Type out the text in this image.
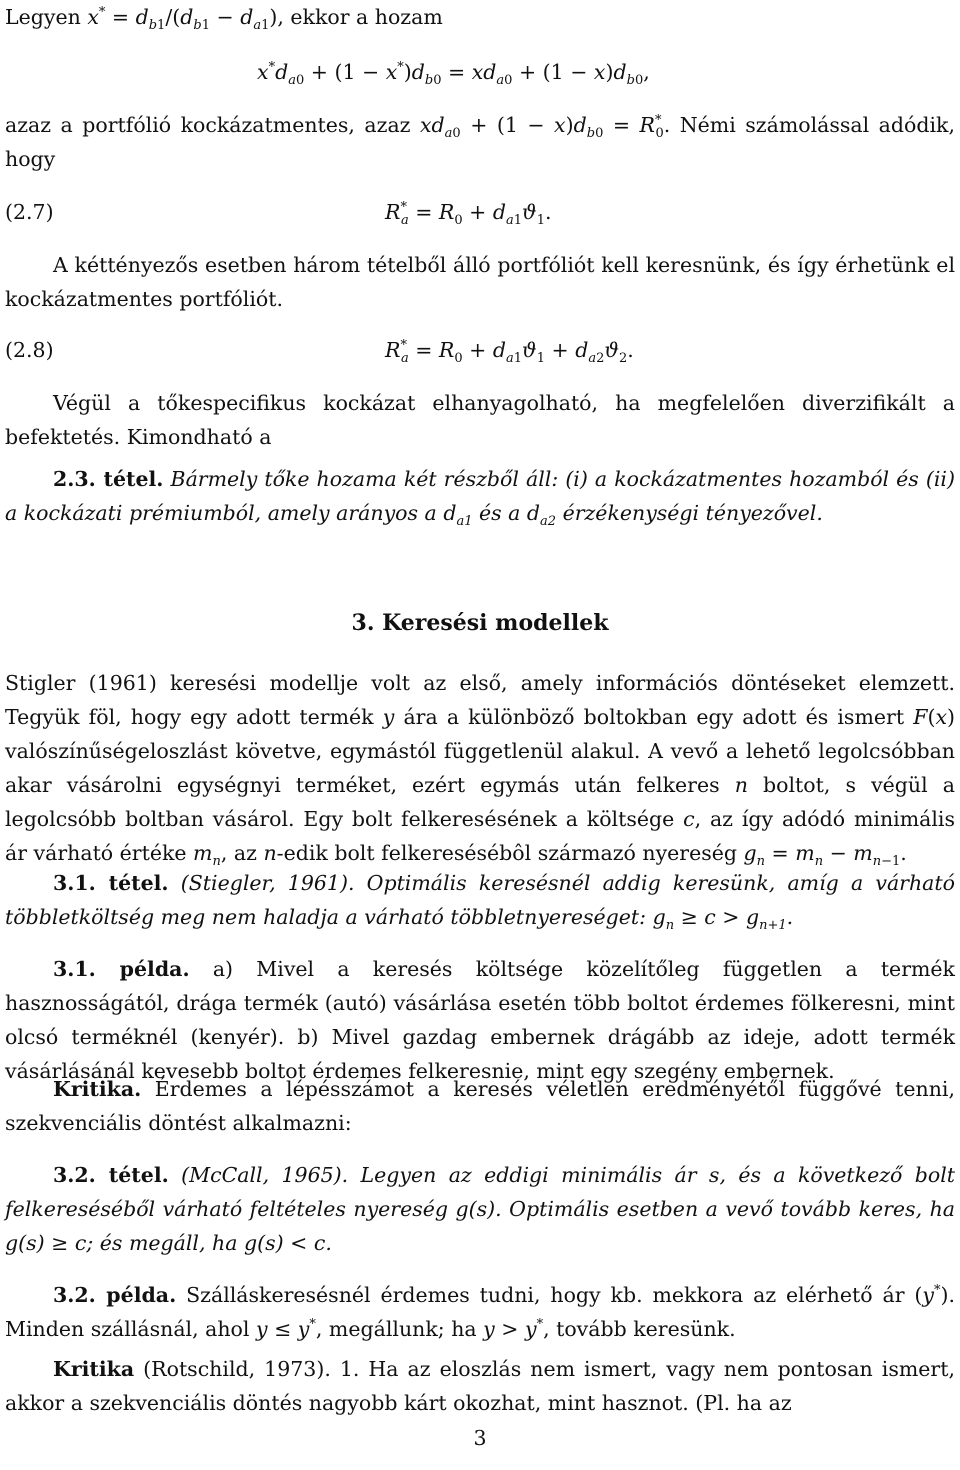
Legyen $x^* = d_{b1}/(d_{b1} - d_{a1})$, ekkor a hozam
$x^*d_{a0} + (1 - x^*)d_{b0} = xd_{a0} + (1 - x)d_{b0}$,
azaz a portfólió kockázatmentes, azaz $xd_{a0} + (1 - x)d_{b0} = R^*_0$. Némi számolással adódik, hogy
(2.7)	$R^*_a = R_0 + d_{a1}ϑ_1$.
A kéttényezős esetben három tételből álló portfóliót kell keresnünk, és így érhetünk el kockázatmentes portfóliót.
(2.8)	$R^*_a = R_0 + d_{a1}ϑ_1 + d_{a2}ϑ_2$.
Végül a tőkespecifikus kockázat elhanyagolható, ha megfelelően diverzifikált a befektetés. Kimondható a
2.3. tétel. Bármely tőke hozama két részből áll: (i) a kockázatmentes hozamból és (ii) a kockázati prémiumból, amely arányos a $d_{a1}$ és a $d_{a2}$ érzékenységi tényezővel.
3. Keresési modellek
Stigler (1961) keresési modellje volt az első, amely információs döntéseket elemzett. Tegyük föl, hogy egy adott termék y ára a különböző boltokban egy adott és ismert F(x) valószínűségeloszlást követve, egymástól függetlenül alakul. A vevő a lehető legolcsóbban akar vásárolni egységnyi terméket, ezért egymás után felkeres n boltot, s végül a legolcsóbb boltban vásárol. Egy bolt felkeresésének a költsége c, az így adódó minimális ár várható értéke $m_n$, az n-edik bolt felkeresésébôl származó nyereség $g_n = m_n - m_{n-1}$.
3.1. tétel. (Stiegler, 1961). Optimális keresésnél addig keresünk, amíg a várható többletköltség meg nem haladja a várható többletnyereséget: $g_n \ge c > g_{n+1}$.
3.1. példa. a) Mivel a keresés költsége közelítőleg független a termék hasznosságától, drága termék (autó) vásárlása esetén több boltot érdemes fölkeresni, mint olcsó terméknél (kenyér). b) Mivel gazdag embernek drágább az ideje, adott termék vásárlásánál kevesebb boltot érdemes felkeresnie, mint egy szegény embernek.
Kritika. Érdemes a lépésszámot a keresés véletlen eredményétől függővé tenni, szekvenciális döntést alkalmazni:
3.2. tétel. (McCall, 1965). Legyen az eddigi minimális ár s, és a következő bolt felkereséséből várható feltételes nyereség g(s). Optimális esetben a vevő tovább keres, ha g(s) ≥ c; és megáll, ha g(s) < c.
3.2. példa. Szálláskeresésnél érdemes tudni, hogy kb. mekkora az elérhető ár (y*). Minden szállásnál, ahol y ≤ y*, megállunk; ha y > y*, tovább keresünk.
Kritika (Rotschild, 1973). 1. Ha az eloszlás nem ismert, vagy nem pontosan ismert, akkor a szekvenciális döntés nagyobb kárt okozhat, mint hasznot. (Pl. ha az
3
